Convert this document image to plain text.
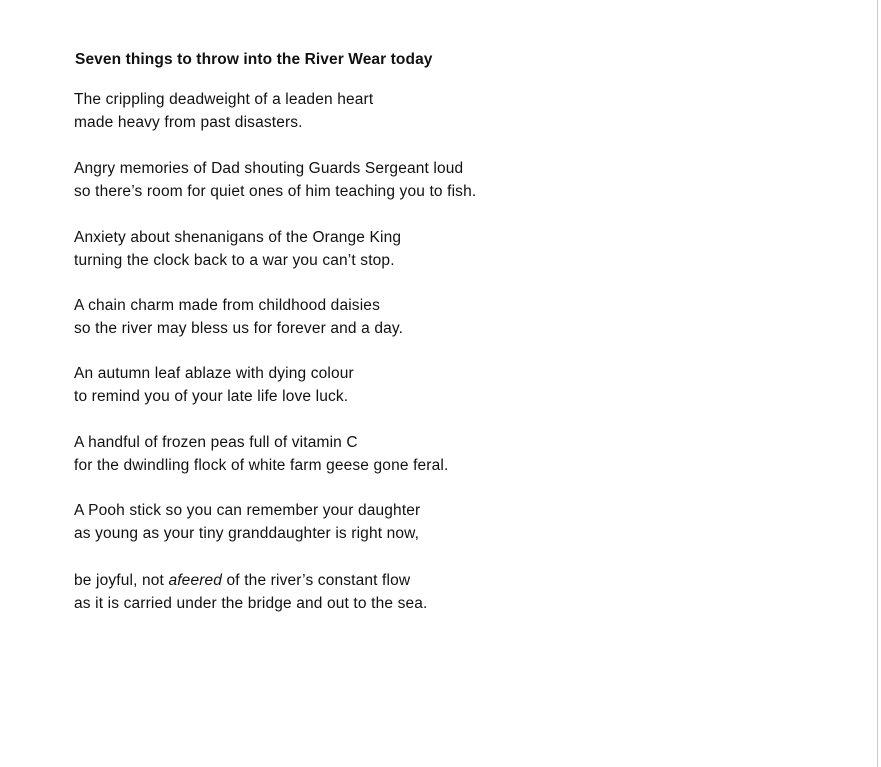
Seven things to throw into the River Wear today

The crippling deadweight of a leaden heart
made heavy from past disasters.

Angry memories of Dad shouting Guards Sergeant loud
so there’s room for quiet ones of him teaching you to fish.

Anxiety about shenanigans of the Orange King
turning the clock back to a war you can’t stop.

A chain charm made from childhood daisies
so the river may bless us for forever and a day.

An autumn leaf ablaze with dying colour
to remind you of your late life love luck.

A handful of frozen peas full of vitamin C
for the dwindling flock of white farm geese gone feral.

A Pooh stick so you can remember your daughter
as young as your tiny granddaughter is right now,

be joyful, not afeered of the river’s constant flow
as it is carried under the bridge and out to the sea.
